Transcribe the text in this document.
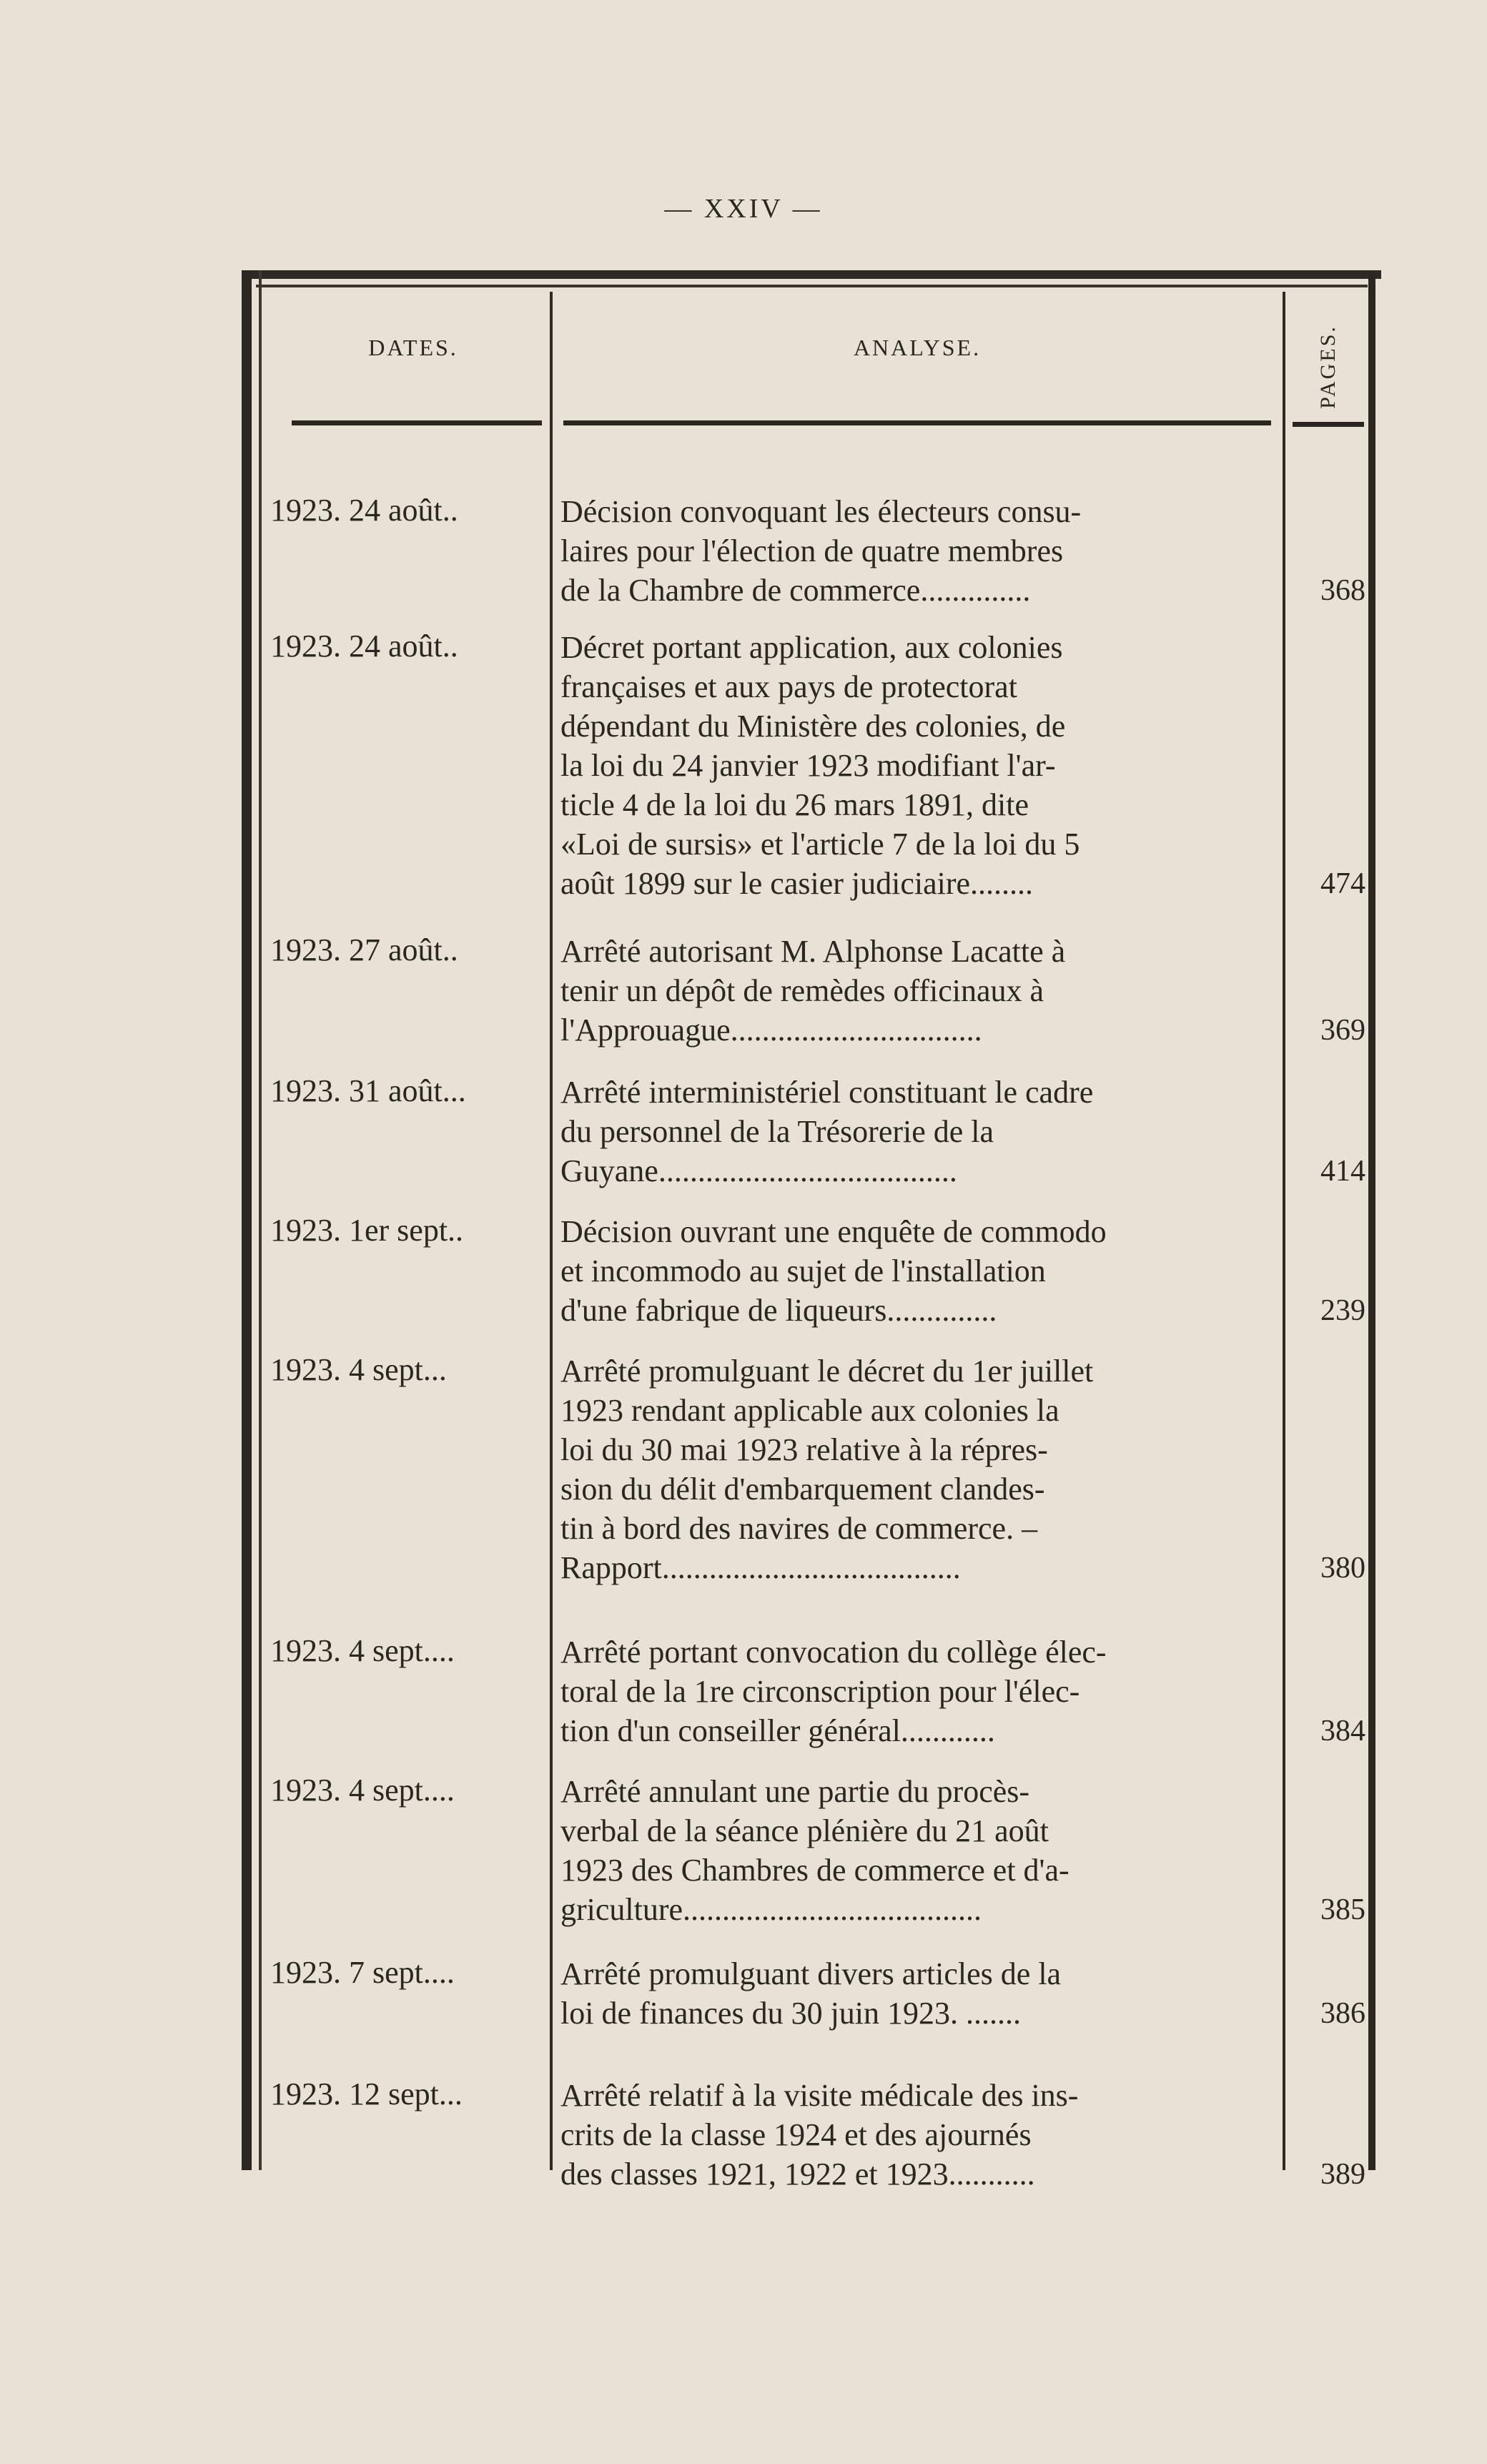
— XXIV —
DATES.	ANALYSE.	PAGES.
1923. 24 août..	Décision convoquant les électeurs consu-
laires pour l'élection de quatre membres
de la Chambre de commerce..............	368
1923. 24 août..	Décret portant application, aux colonies
françaises et aux pays de protectorat
dépendant du Ministère des colonies, de
la loi du 24 janvier 1923 modifiant l'ar-
ticle 4 de la loi du 26 mars 1891, dite
«Loi de sursis» et l'article 7 de la loi du 5
août 1899 sur le casier judiciaire........	474
1923. 27 août..	Arrêté autorisant M. Alphonse Lacatte à
tenir un dépôt de remèdes officinaux à
l'Approuague................................	369
1923. 31 août...	Arrêté interministériel constituant le cadre
du personnel de la Trésorerie de la
Guyane......................................	414
1923. 1er sept..	Décision ouvrant une enquête de commodo
et incommodo au sujet de l'installation
d'une fabrique de liqueurs..............	239
1923. 4 sept...	Arrêté promulguant le décret du 1er juillet
1923 rendant applicable aux colonies la
loi du 30 mai 1923 relative à la répres-
sion du délit d'embarquement clandes-
tin à bord des navires de commerce. –
Rapport......................................	380
1923. 4 sept....	Arrêté portant convocation du collège élec-
toral de la 1re circonscription pour l'élec-
tion d'un conseiller général............	384
1923. 4 sept....	Arrêté annulant une partie du procès-
verbal de la séance plénière du 21 août
1923 des Chambres de commerce et d'a-
griculture......................................	385
1923. 7 sept....	Arrêté promulguant divers articles de la
loi de finances du 30 juin 1923. .......	386
1923. 12 sept...	Arrêté relatif à la visite médicale des ins-
crits de la classe 1924 et des ajournés
des classes 1921, 1922 et 1923...........	389
